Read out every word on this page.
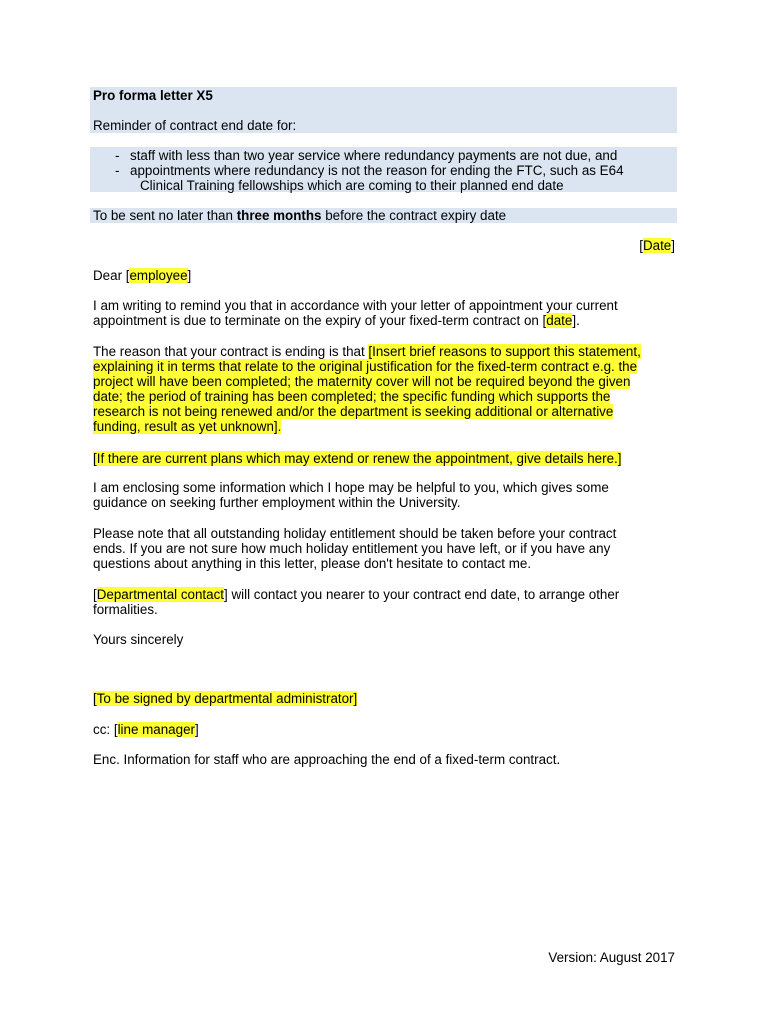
Pro forma letter X5

Reminder of contract end date for:

- staff with less than two year service where redundancy payments are not due, and
- appointments where redundancy is not the reason for ending the FTC, such as E64
Clinical Training fellowships which are coming to their planned end date

To be sent no later than three months before the contract expiry date

[Date]

Dear [employee]

I am writing to remind you that in accordance with your letter of appointment your current

appointment is due to terminate on the expiry of your fixed-term contract on [date].

The reason that your contract is ending is that [Insert brief reasons to support this statement,

explaining it in terms that relate to the original justification for the fixed-term contract e.g. the

project will have been completed; the maternity cover will not be required beyond the given

date; the period of training has been completed; the specific funding which supports the

research is not being renewed and/or the department is seeking additional or alternative

funding, result as yet unknown].

[If there are current plans which may extend or renew the appointment, give details here.]

I am enclosing some information which I hope may be helpful to you, which gives some

guidance on seeking further employment within the University.

Please note that all outstanding holiday entitlement should be taken before your contract

ends. If you are not sure how much holiday entitlement you have left, or if you have any

questions about anything in this letter, please don't hesitate to contact me.

[Departmental contact] will contact you nearer to your contract end date, to arrange other

formalities.

Yours sincerely

[To be signed by departmental administrator]

cc: [line manager]

Enc. Information for staff who are approaching the end of a fixed-term contract.

Version: August 2017
